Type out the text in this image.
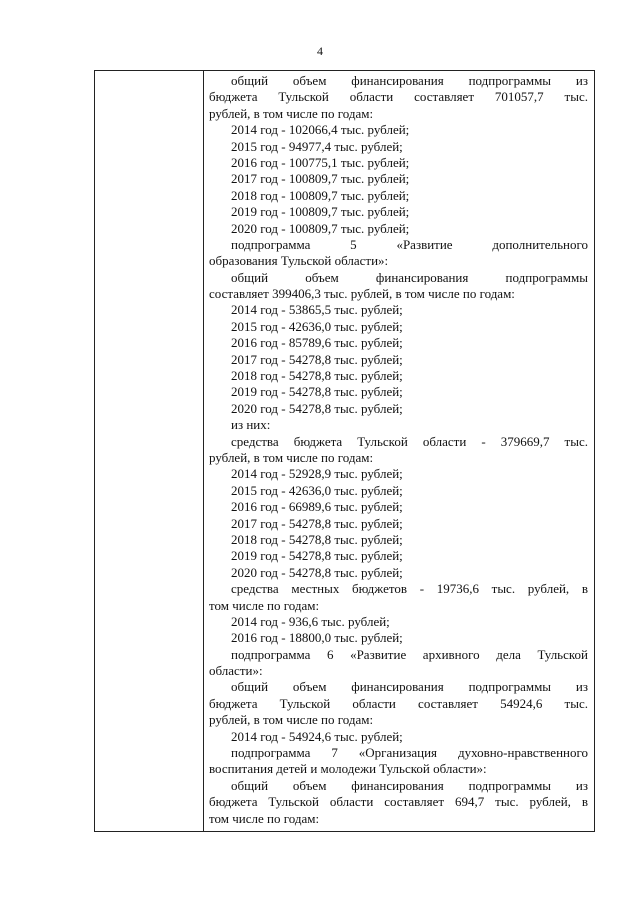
4
общий объем финансирования подпрограммы из
бюджета Тульской области составляет 701057,7 тыс.
рублей, в том числе по годам:
2014 год - 102066,4 тыс. рублей;
2015 год - 94977,4 тыс. рублей;
2016 год - 100775,1 тыс. рублей;
2017 год - 100809,7 тыс. рублей;
2018 год - 100809,7 тыс. рублей;
2019 год - 100809,7 тыс. рублей;
2020 год - 100809,7 тыс. рублей;
подпрограмма 5 «Развитие дополнительного
образования Тульской области»:
общий объем финансирования подпрограммы
составляет 399406,3 тыс. рублей, в том числе по годам:
2014 год - 53865,5 тыс. рублей;
2015 год - 42636,0 тыс. рублей;
2016 год - 85789,6 тыс. рублей;
2017 год - 54278,8 тыс. рублей;
2018 год - 54278,8 тыс. рублей;
2019 год - 54278,8 тыс. рублей;
2020 год - 54278,8 тыс. рублей;
из них:
средства бюджета Тульской области - 379669,7 тыс.
рублей, в том числе по годам:
2014 год - 52928,9 тыс. рублей;
2015 год - 42636,0 тыс. рублей;
2016 год - 66989,6 тыс. рублей;
2017 год - 54278,8 тыс. рублей;
2018 год - 54278,8 тыс. рублей;
2019 год - 54278,8 тыс. рублей;
2020 год - 54278,8 тыс. рублей;
средства местных бюджетов - 19736,6 тыс. рублей, в
том числе по годам:
2014 год - 936,6 тыс. рублей;
2016 год - 18800,0 тыс. рублей;
подпрограмма 6 «Развитие архивного дела Тульской
области»:
общий объем финансирования подпрограммы из
бюджета Тульской области составляет 54924,6 тыс.
рублей, в том числе по годам:
2014 год - 54924,6 тыс. рублей;
подпрограмма 7 «Организация духовно-нравственного
воспитания детей и молодежи Тульской области»:
общий объем финансирования подпрограммы из
бюджета Тульской области составляет 694,7 тыс. рублей, в
том числе по годам:
